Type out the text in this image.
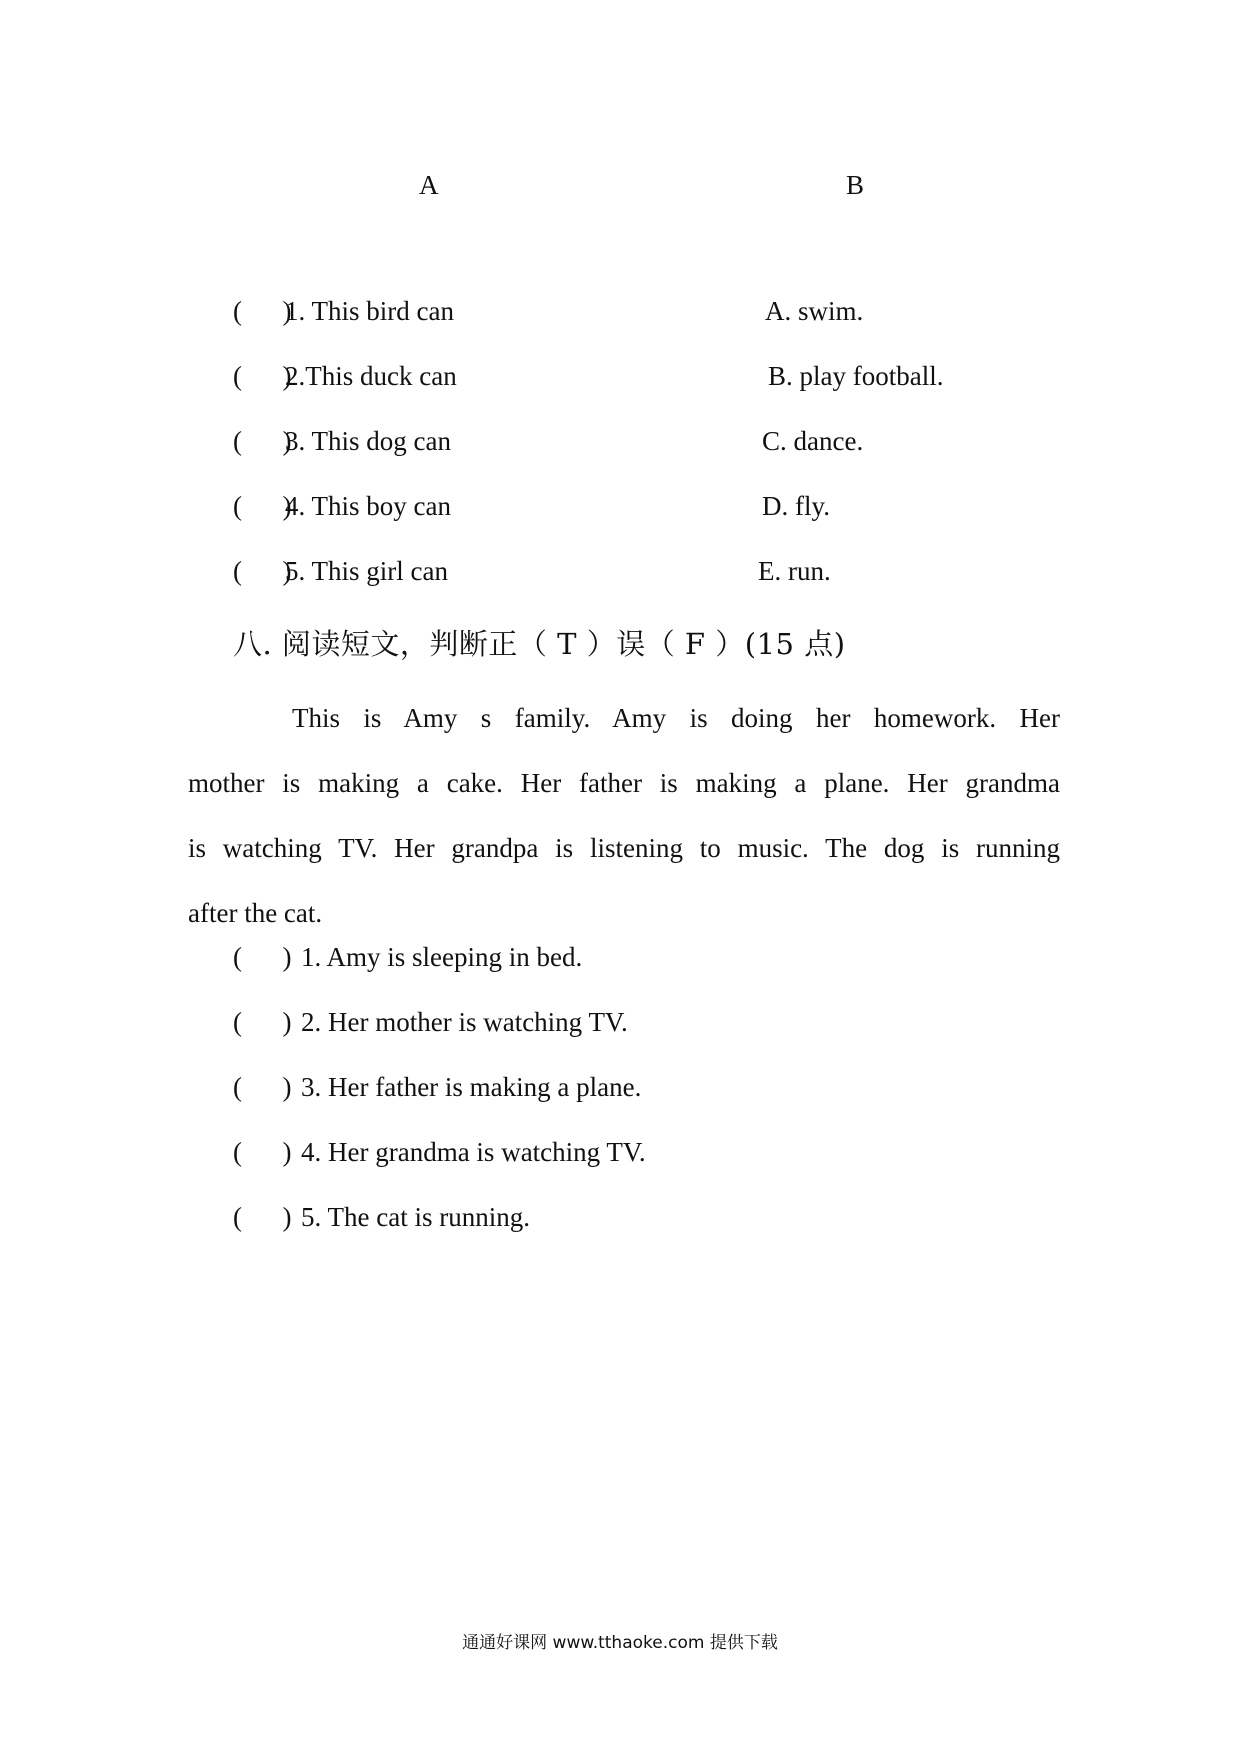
A	B
(      )
1. This bird can	A. swim.
(      )
2.This duck can	B. play football.
(      )
3. This dog can	C. dance.
(      )
4. This boy can	D. fly.
(      )
5. This girl can	E. run.
八. 阅读短文，判断正（ T ）误（ F ）(15 点)
This is Amy s family. Amy is doing her homework. Her
mother is making a cake. Her father is making a plane. Her grandma
is watching TV. Her grandpa is listening to music. The dog is running
after the cat.
(      ) 1. Amy is sleeping in bed.
(      ) 2. Her mother is watching TV.
(      ) 3. Her father is making a plane.
(      ) 4. Her grandma is watching TV.
(      ) 5. The cat is running.
通通好课网 www.tthaoke.com 提供下载
